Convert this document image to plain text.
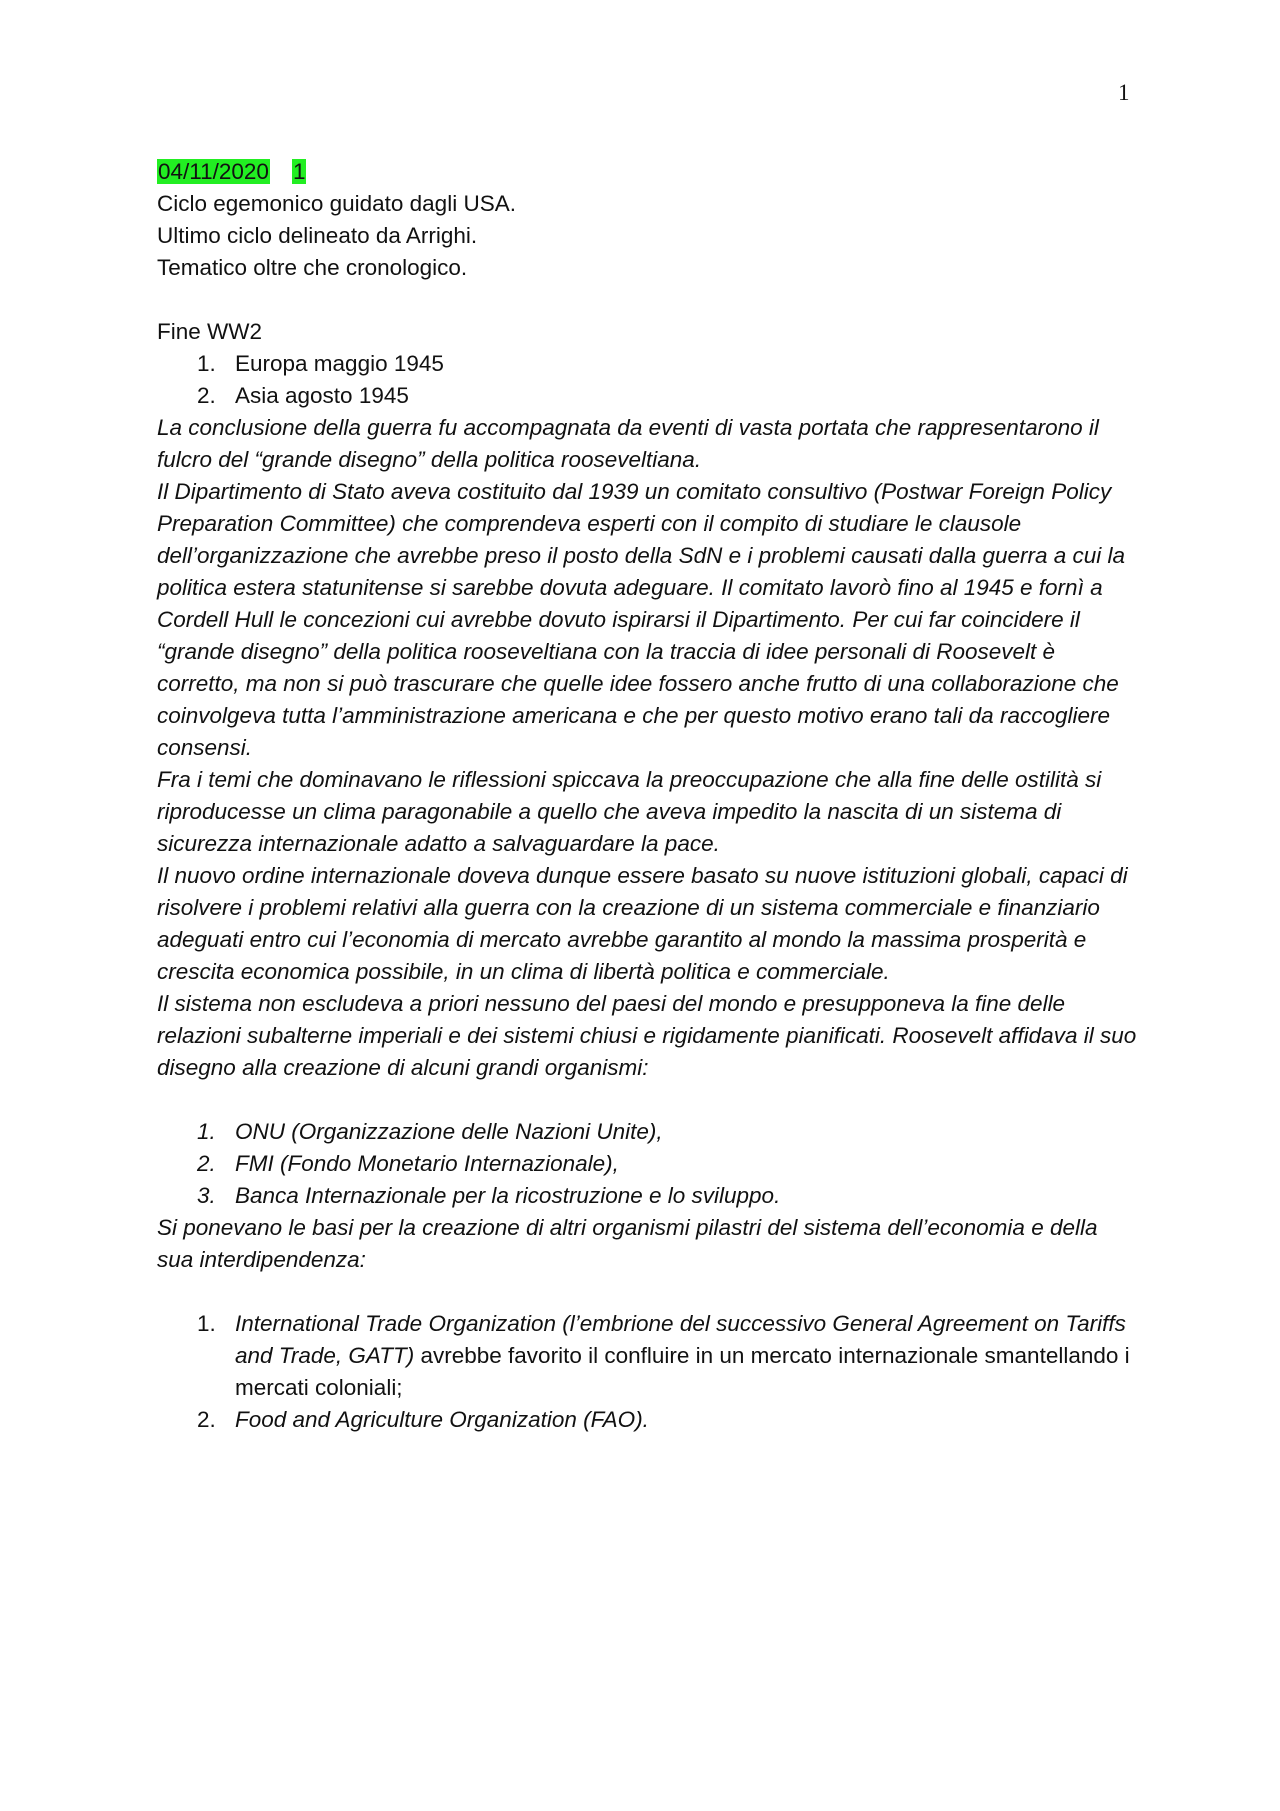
1

04/11/2020 1

Ciclo egemonico guidato dagli USA.

Ultimo ciclo delineato da Arrighi.

Tematico oltre che cronologico.

Fine WW2

1. Europa maggio 1945
2. Asia agosto 1945

La conclusione della guerra fu accompagnata da eventi di vasta portata che rappresentarono il fulcro del “grande disegno” della politica rooseveltiana.

Il Dipartimento di Stato aveva costituito dal 1939 un comitato consultivo (Postwar Foreign Policy Preparation Committee) che comprendeva esperti con il compito di studiare le clausole dell’organizzazione che avrebbe preso il posto della SdN e i problemi causati dalla guerra a cui la politica estera statunitense si sarebbe dovuta adeguare. Il comitato lavorò fino al 1945 e fornì a Cordell Hull le concezioni cui avrebbe dovuto ispirarsi il Dipartimento. Per cui far coincidere il “grande disegno” della politica rooseveltiana con la traccia di idee personali di Roosevelt è corretto, ma non si può trascurare che quelle idee fossero anche frutto di una collaborazione che coinvolgeva tutta l’amministrazione americana e che per questo motivo erano tali da raccogliere consensi.

Fra i temi che dominavano le riflessioni spiccava la preoccupazione che alla fine delle ostilità si riproducesse un clima paragonabile a quello che aveva impedito la nascita di un sistema di sicurezza internazionale adatto a salvaguardare la pace.

Il nuovo ordine internazionale doveva dunque essere basato su nuove istituzioni globali, capaci di risolvere i problemi relativi alla guerra con la creazione di un sistema commerciale e finanziario adeguati entro cui l’economia di mercato avrebbe garantito al mondo la massima prosperità e crescita economica possibile, in un clima di libertà politica e commerciale.

Il sistema non escludeva a priori nessuno del paesi del mondo e presupponeva la fine delle relazioni subalterne imperiali e dei sistemi chiusi e rigidamente pianificati. Roosevelt affidava il suo disegno alla creazione di alcuni grandi organismi:

1. ONU (Organizzazione delle Nazioni Unite),
2. FMI (Fondo Monetario Internazionale),
3. Banca Internazionale per la ricostruzione e lo sviluppo.

Si ponevano le basi per la creazione di altri organismi pilastri del sistema dell’economia e della sua interdipendenza:

1. International Trade Organization (l’embrione del successivo General Agreement on Tariffs and Trade, GATT) avrebbe favorito il confluire in un mercato internazionale smantellando i mercati coloniali;
2. Food and Agriculture Organization (FAO).
